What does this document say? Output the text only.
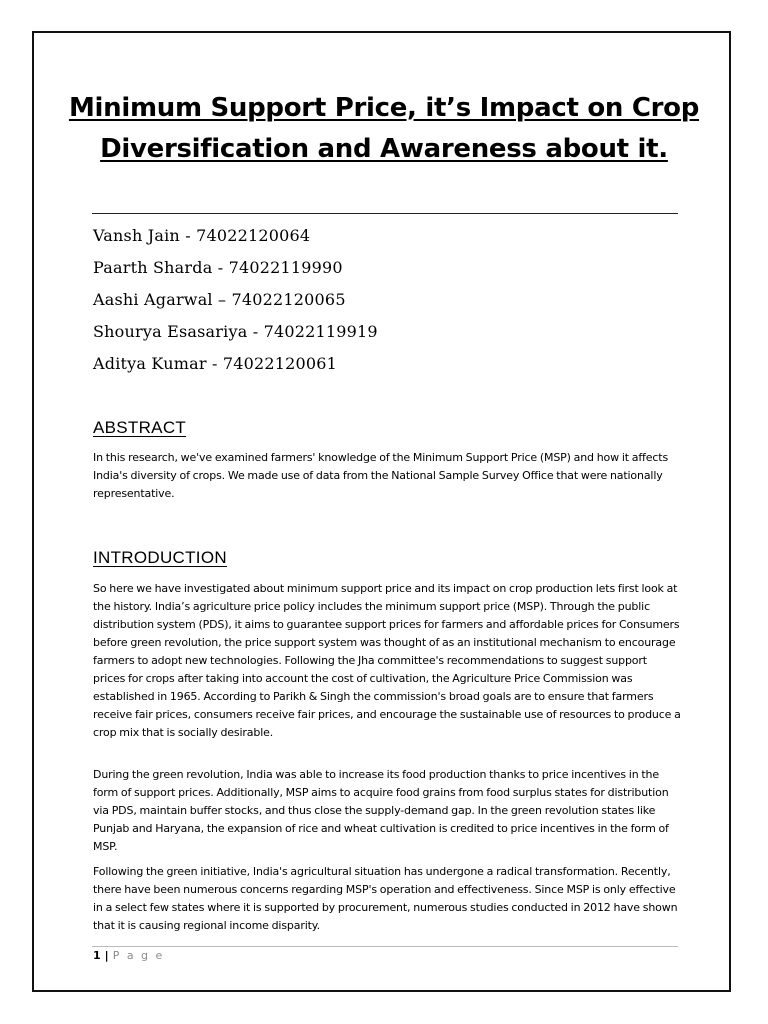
Minimum Support Price, it’s Impact on Crop Diversification and Awareness about it.
Vansh Jain - 74022120064
Paarth Sharda - 74022119990
Aashi Agarwal – 74022120065
Shourya Esasariya - 74022119919
Aditya Kumar - 74022120061
ABSTRACT

In this research, we've examined farmers' knowledge of the Minimum Support Price (MSP) and how it affects India's diversity of crops. We made use of data from the National Sample Survey Office that were nationally representative.

INTRODUCTION

So here we have investigated about minimum support price and its impact on crop production lets first look at the history. India’s agriculture price policy includes the minimum support price (MSP). Through the public distribution system (PDS), it aims to guarantee support prices for farmers and affordable prices for Consumers before green revolution, the price support system was thought of as an institutional mechanism to encourage farmers to adopt new technologies. Following the Jha committee's recommendations to suggest support prices for crops after taking into account the cost of cultivation, the Agriculture Price Commission was established in 1965. According to Parikh & Singh the commission's broad goals are to ensure that farmers receive fair prices, consumers receive fair prices, and encourage the sustainable use of resources to produce a crop mix that is socially desirable.

During the green revolution, India was able to increase its food production thanks to price incentives in the form of support prices. Additionally, MSP aims to acquire food grains from food surplus states for distribution via PDS, maintain buffer stocks, and thus close the supply-demand gap. In the green revolution states like Punjab and Haryana, the expansion of rice and wheat cultivation is credited to price incentives in the form of MSP.

Following the green initiative, India's agricultural situation has undergone a radical transformation. Recently, there have been numerous concerns regarding MSP's operation and effectiveness. Since MSP is only effective in a select few states where it is supported by procurement, numerous studies conducted in 2012 have shown that it is causing regional income disparity.

1 | P a g e
